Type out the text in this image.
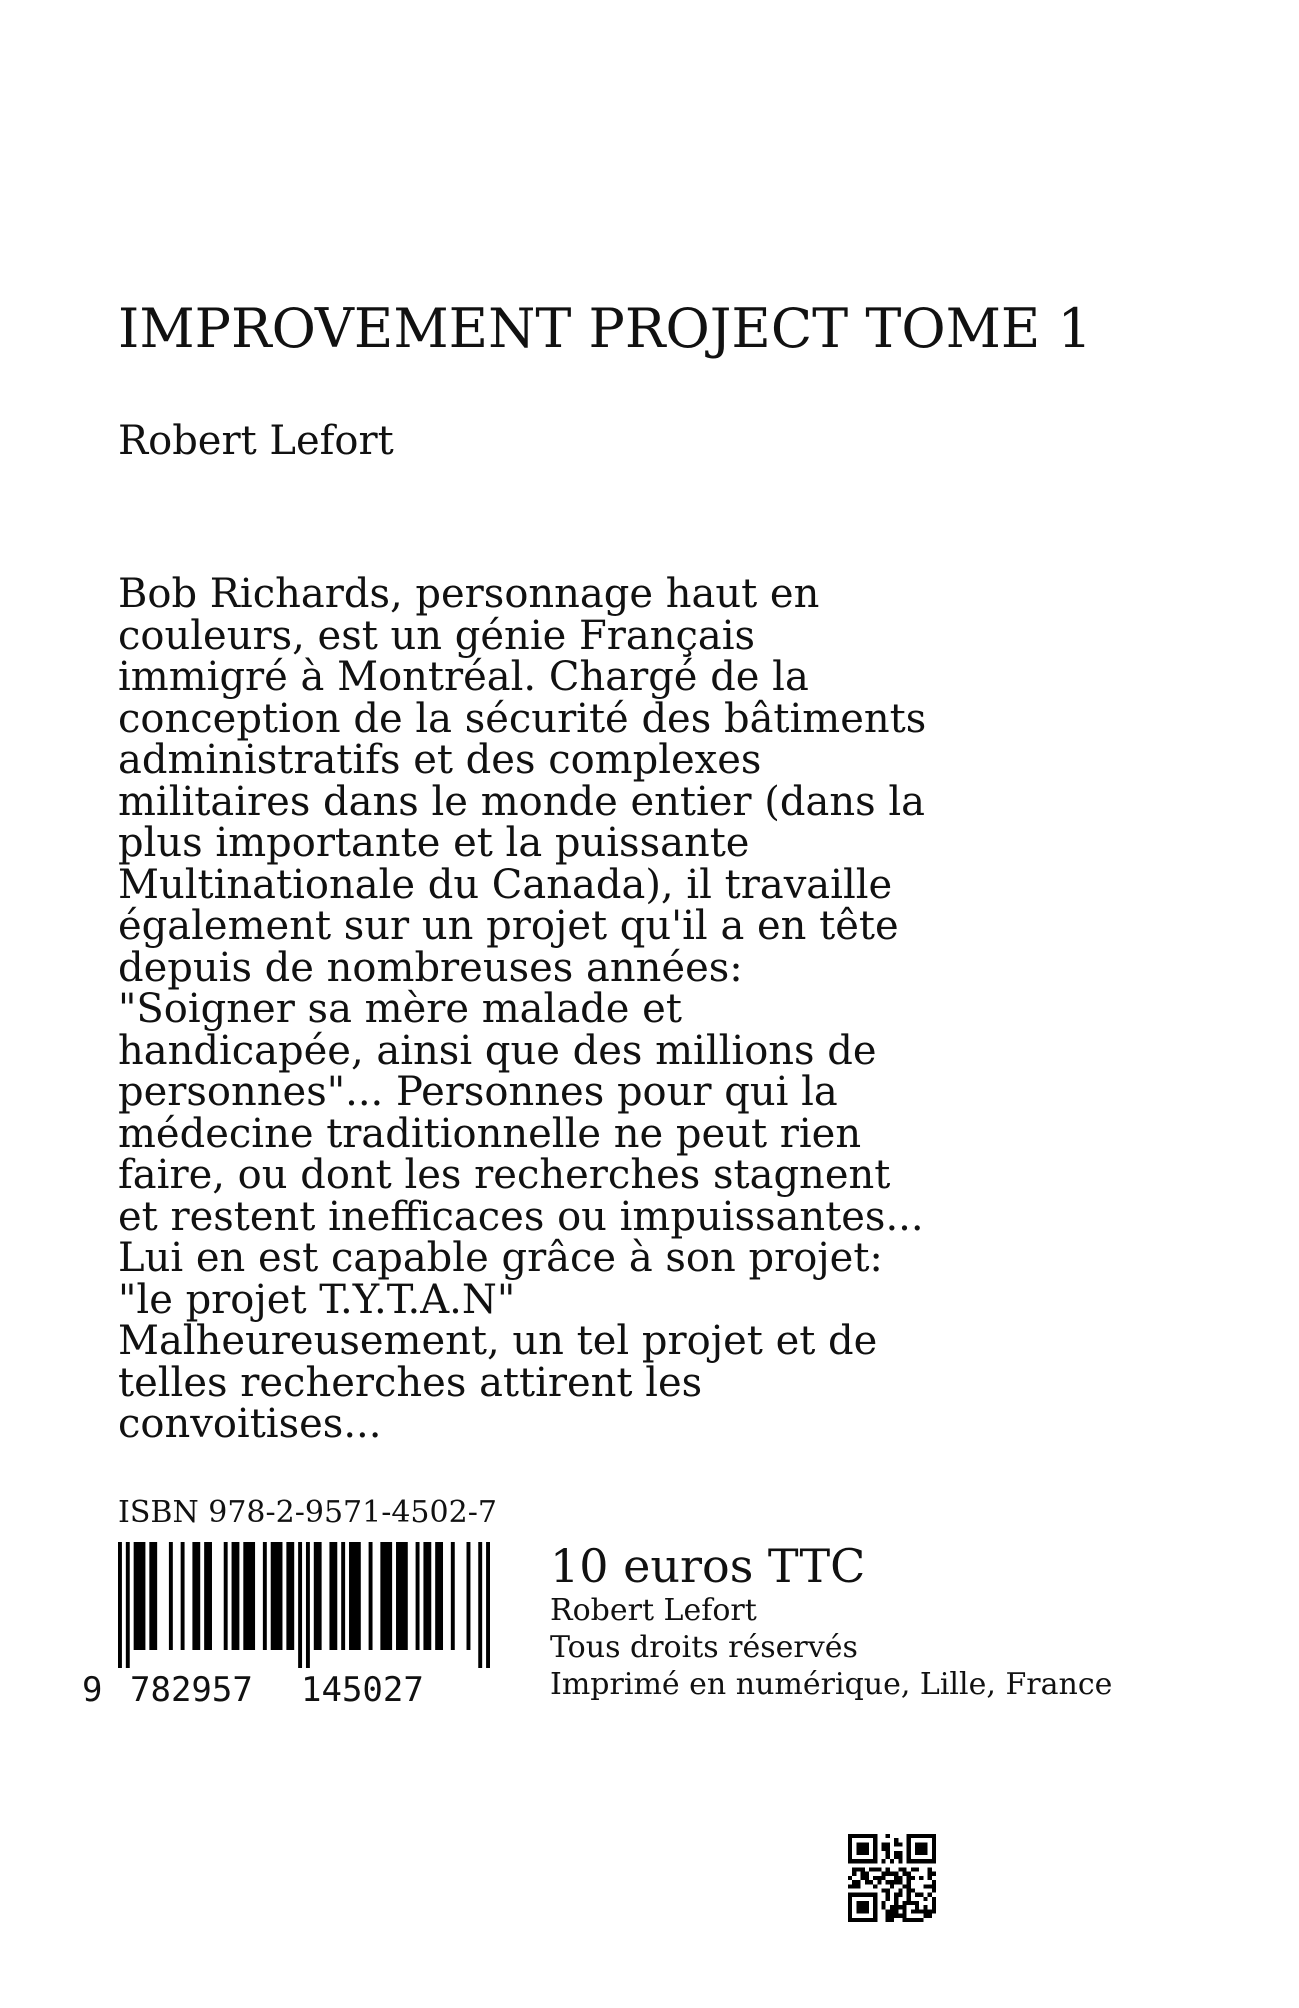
IMPROVEMENT PROJECT TOME 1
Robert Lefort
Bob Richards, personnage haut en
couleurs, est un génie Français
immigré à Montréal. Chargé de la
conception de la sécurité des bâtiments
administratifs et des complexes
militaires dans le monde entier (dans la
plus importante et la puissante
Multinationale du Canada), il travaille
également sur un projet qu'il a en tête
depuis de nombreuses années:
"Soigner sa mère malade et
handicapée, ainsi que des millions de
personnes"... Personnes pour qui la
médecine traditionnelle ne peut rien
faire, ou dont les recherches stagnent
et restent inefficaces ou impuissantes...
Lui en est capable grâce à son projet:
"le projet T.Y.T.A.N"
Malheureusement, un tel projet et de
telles recherches attirent les
convoitises...
ISBN 978-2-9571-4502-7
9 782957 145027
10 euros TTC
Robert Lefort
Tous droits réservés
Imprimé en numérique, Lille, France
